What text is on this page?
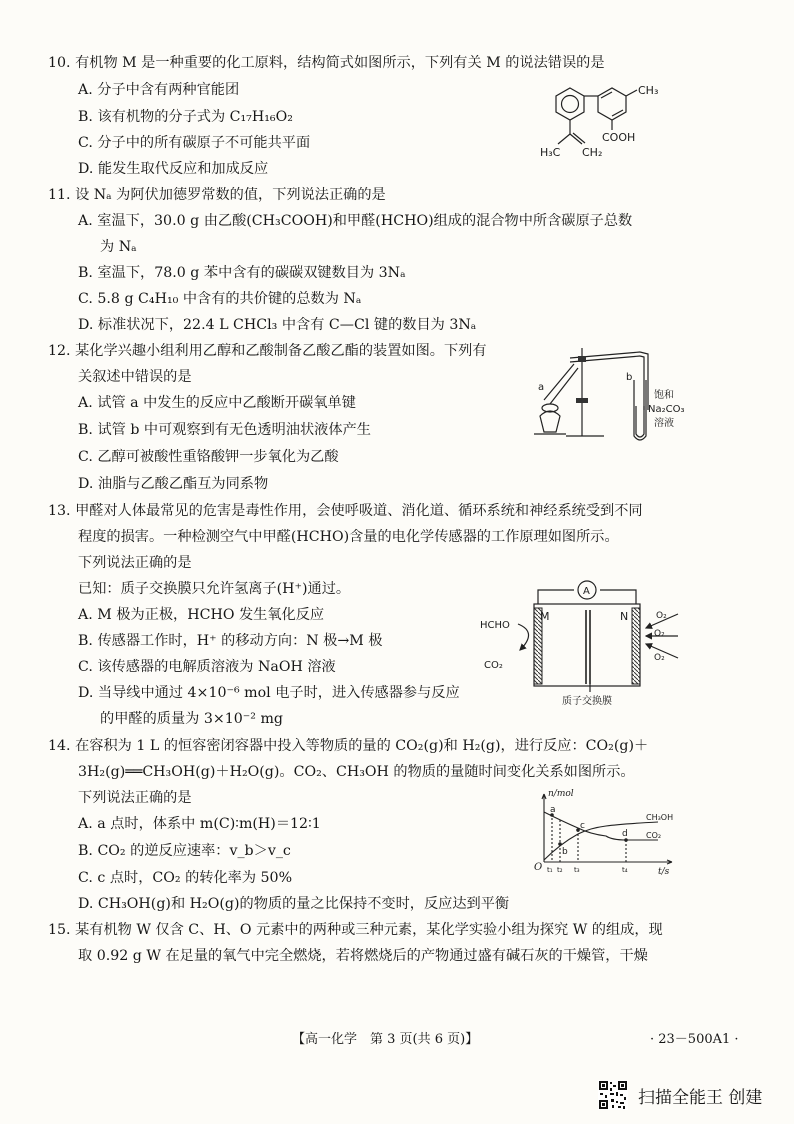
10. 有机物 M 是一种重要的化工原料，结构简式如图所示，下列有关 M 的说法错误的是
A. 分子中含有两种官能团
B. 该有机物的分子式为 C₁₇H₁₆O₂
C. 分子中的所有碳原子不可能共平面
D. 能发生取代反应和加成反应
CH₃
COOH
H₃C CH₂
11. 设 Nₐ 为阿伏加德罗常数的值，下列说法正确的是
A. 室温下，30.0 g 由乙酸(CH₃COOH)和甲醛(HCHO)组成的混合物中所含碳原子总数
为 Nₐ
B. 室温下，78.0 g 苯中含有的碳碳双键数目为 3Nₐ
C. 5.8 g C₄H₁₀ 中含有的共价键的总数为 Nₐ
D. 标准状况下，22.4 L CHCl₃ 中含有 C—Cl 键的数目为 3Nₐ
12. 某化学兴趣小组利用乙醇和乙酸制备乙酸乙酯的装置如图。下列有
关叙述中错误的是
A. 试管 a 中发生的反应中乙酸断开碳氧单键
B. 试管 b 中可观察到有无色透明油状液体产生
C. 乙醇可被酸性重铬酸钾一步氧化为乙酸
D. 油脂与乙酸乙酯互为同系物
a
b
饱和
Na₂CO₃
溶液
13. 甲醛对人体最常见的危害是毒性作用，会使呼吸道、消化道、循环系统和神经系统受到不同
程度的损害。一种检测空气中甲醛(HCHO)含量的电化学传感器的工作原理如图所示。
下列说法正确的是
已知：质子交换膜只允许氢离子(H⁺)通过。
A. M 极为正极，HCHO 发生氧化反应
B. 传感器工作时，H⁺ 的移动方向：N 极→M 极
C. 该传感器的电解质溶液为 NaOH 溶液
D. 当导线中通过 4×10⁻⁶ mol 电子时，进入传感器参与反应
的甲醛的质量为 3×10⁻² mg
A
M	N
HCHO
CO₂
O₂
O₂
O₂
质子交换膜
14. 在容积为 1 L 的恒容密闭容器中投入等物质的量的 CO₂(g)和 H₂(g)，进行反应：CO₂(g)＋
3H₂(g)══CH₃OH(g)＋H₂O(g)。CO₂、CH₃OH 的物质的量随时间变化关系如图所示。
下列说法正确的是
A. a 点时，体系中 m(C)∶m(H)＝12∶1
B. CO₂ 的逆反应速率：v_b＞v_c
C. c 点时，CO₂ 的转化率为 50%
D. CH₃OH(g)和 H₂O(g)的物质的量之比保持不变时，反应达到平衡
n/mol
t/s
O
a
b
c
d
t₁ t₂ t₃	t₄
CH₃OH
CO₂
15. 某有机物 W 仅含 C、H、O 元素中的两种或三种元素，某化学实验小组为探究 W 的组成，现
取 0.92 g W 在足量的氧气中完全燃烧，若将燃烧后的产物通过盛有碱石灰的干燥管，干燥
【高一化学　第 3 页(共 6 页)】	· 23－500A1 ·
扫描全能王 创建
